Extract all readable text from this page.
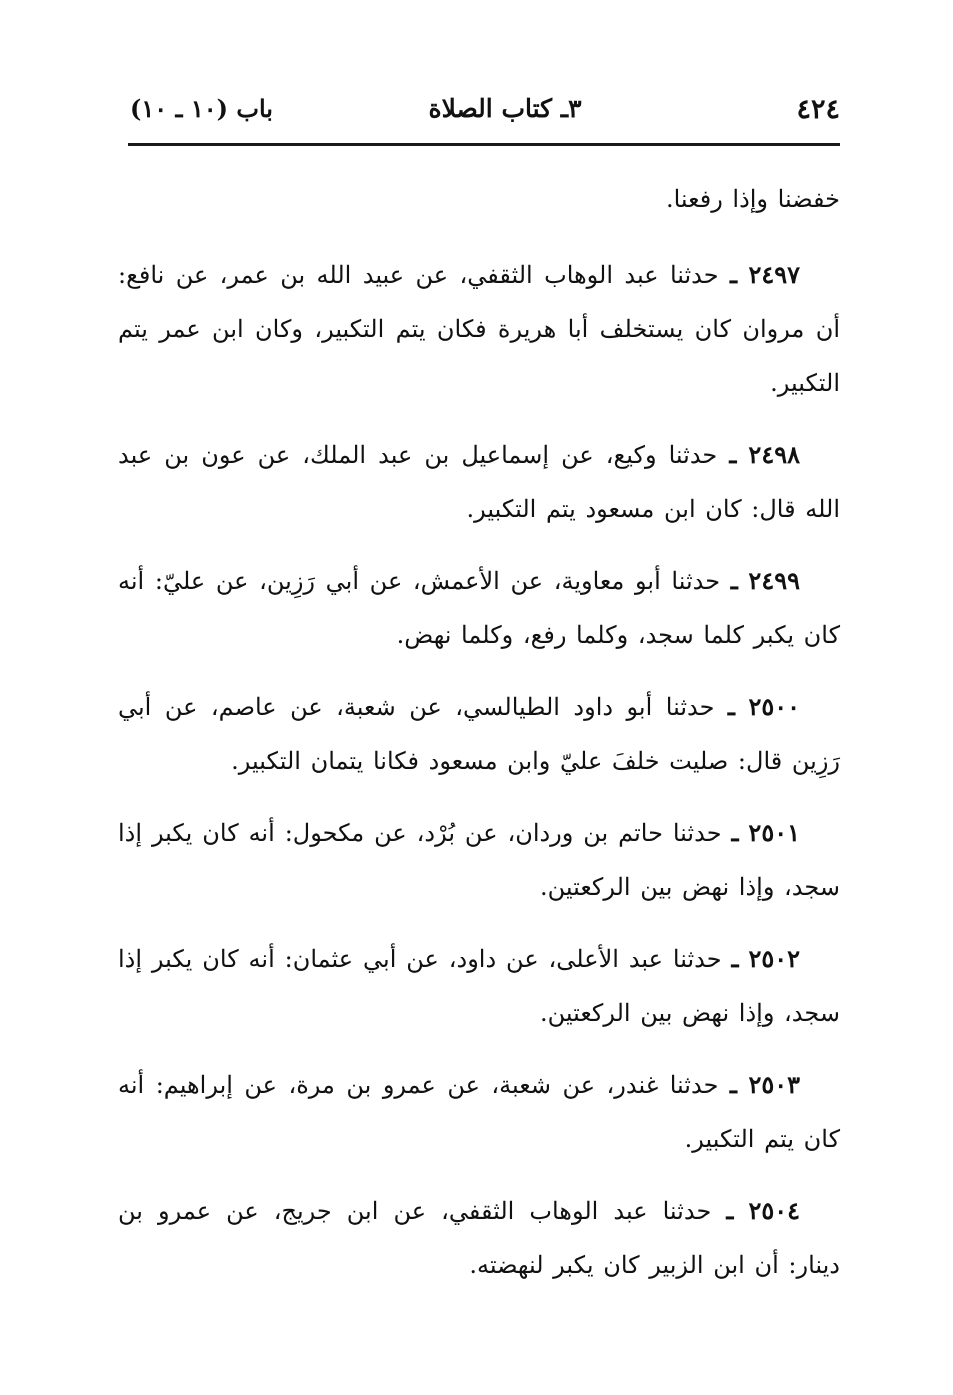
٤٢٤
٣ـ كتاب الصلاة
باب (١٠ ـ ١٠)

خفضنا وإذا رفعنا.

٢٤٩٧ ـ حدثنا عبد الوهاب الثقفي، عن عبيد الله بن عمر، عن نافع: أن مروان كان يستخلف أبا هريرة فكان يتم التكبير، وكان ابن عمر يتم التكبير.

٢٤٩٨ ـ حدثنا وكيع، عن إسماعيل بن عبد الملك، عن عون بن عبد الله قال: كان ابن مسعود يتم التكبير.

٢٤٩٩ ـ حدثنا أبو معاوية، عن الأعمش، عن أبي رَزِين، عن عليّ: أنه كان يكبر كلما سجد، وكلما رفع، وكلما نهض.

٢٥٠٠ ـ حدثنا أبو داود الطيالسي، عن شعبة، عن عاصم، عن أبي رَزِين قال: صليت خلفَ عليّ وابن مسعود فكانا يتمان التكبير.

٢٥٠١ ـ حدثنا حاتم بن وردان، عن بُرْد، عن مكحول: أنه كان يكبر إذا سجد، وإذا نهض بين الركعتين.

٢٥٠٢ ـ حدثنا عبد الأعلى، عن داود، عن أبي عثمان: أنه كان يكبر إذا سجد، وإذا نهض بين الركعتين.

٢٥٠٣ ـ حدثنا غندر، عن شعبة، عن عمرو بن مرة، عن إبراهيم: أنه كان يتم التكبير.

٢٥٠٤ ـ حدثنا عبد الوهاب الثقفي، عن ابن جريج، عن عمرو بن دينار: أن ابن الزبير كان يكبر لنهضته.
